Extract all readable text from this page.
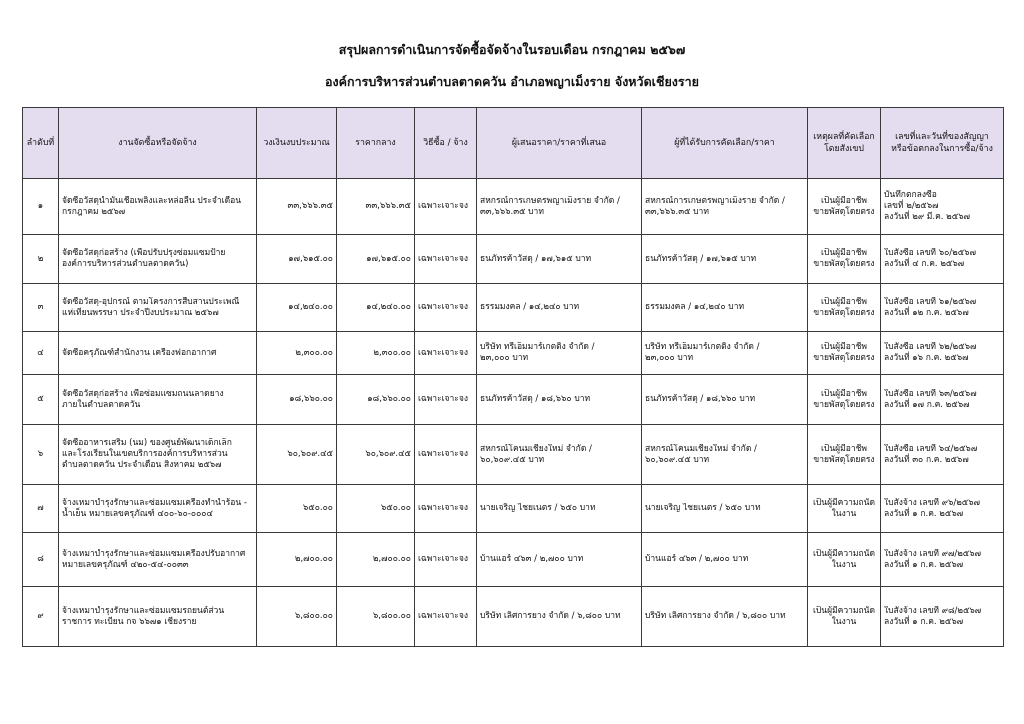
สรุปผลการดำเนินการจัดซื้อจัดจ้างในรอบเดือน กรกฎาคม ๒๕๖๗
องค์การบริหารส่วนตำบลตาดควัน อำเภอพญาเม็งราย จังหวัดเชียงราย
ลำดับที่	งานจัดซื้อหรือจัดจ้าง	วงเงินงบประมาณ	ราคากลาง	วิธีซื้อ / จ้าง	ผู้เสนอราคา/ราคาที่เสนอ	ผู้ที่ได้รับการคัดเลือก/ราคา	เหตุผลที่คัดเลือก
โดยสังเขป	เลขที่และวันที่ของสัญญา
หรือข้อตกลงในการซื้อ/จ้าง

๑	จัดซื้อวัสดุน้ำมันเชื้อเพลิงและหล่อลื่น ประจำเดือน
กรกฎาคม ๒๕๖๗	๓๓,๖๖๖.๓๕	๓๓,๖๖๖.๓๕	เฉพาะเจาะจง	สหกรณ์การเกษตรพญาเม็งราย จำกัด /
๓๓,๖๖๖.๓๕ บาท	สหกรณ์การเกษตรพญาเม็งราย จำกัด /
๓๓,๖๖๖.๓๕ บาท	เป็นผู้มีอาชีพ
ขายพัสดุโดยตรง	บันทึกตกลงซื้อ
เลขที่ ๒/๒๕๖๗
ลงวันที่ ๒๙ มี.ค. ๒๕๖๗

๒	จัดซื้อวัสดุก่อสร้าง (เพื่อปรับปรุงซ่อมแซมป้าย
องค์การบริหารส่วนตำบลตาดควัน)	๑๗,๖๑๕.๐๐	๑๗,๖๑๕.๐๐	เฉพาะเจาะจง	ธนภัทรค้าวัสดุ / ๑๗,๖๑๕ บาท	ธนภัทรค้าวัสดุ / ๑๗,๖๑๕ บาท	เป็นผู้มีอาชีพ
ขายพัสดุโดยตรง	ใบสั่งซื้อ เลขที่ ๖๐/๒๕๖๗
ลงวันที่ ๔ ก.ค. ๒๕๖๗

๓	จัดซื้อวัสดุ-อุปกรณ์ ตามโครงการสืบสานประเพณี
แห่เทียนพรรษา ประจำปีงบประมาณ ๒๕๖๗	๑๔,๒๔๐.๐๐	๑๔,๒๔๐.๐๐	เฉพาะเจาะจง	ธรรมมงคล / ๑๔,๒๔๐ บาท	ธรรมมงคล / ๑๔,๒๔๐ บาท	เป็นผู้มีอาชีพ
ขายพัสดุโดยตรง	ใบสั่งซื้อ เลขที่ ๖๑/๒๕๖๗
ลงวันที่ ๑๒ ก.ค. ๒๕๖๗

๔	จัดซื้อครุภัณฑ์สำนักงาน เครื่องฟอกอากาศ	๒,๓๐๐.๐๐	๒,๓๐๐.๐๐	เฉพาะเจาะจง	บริษัท ทรีเอ็มมาร์เกตติ้ง จำกัด /
๒๓,๐๐๐ บาท	บริษัท ทรีเอ็มมาร์เกตติ้ง จำกัด /
๒๓,๐๐๐ บาท	เป็นผู้มีอาชีพ
ขายพัสดุโดยตรง	ใบสั่งซื้อ เลขที่ ๖๒/๒๕๖๗
ลงวันที่ ๑๖ ก.ค. ๒๕๖๗

๕	จัดซื้อวัสดุก่อสร้าง เพื่อซ่อมแซมถนนลาดยาง
ภายในตำบลตาดควัน	๑๘,๖๖๐.๐๐	๑๘,๖๖๐.๐๐	เฉพาะเจาะจง	ธนภัทรค้าวัสดุ / ๑๘,๖๖๐ บาท	ธนภัทรค้าวัสดุ / ๑๘,๖๖๐ บาท	เป็นผู้มีอาชีพ
ขายพัสดุโดยตรง	ใบสั่งซื้อ เลขที่ ๖๓/๒๕๖๗
ลงวันที่ ๑๗ ก.ค. ๒๕๖๗

๖	จัดซื้ออาหารเสริม (นม) ของศูนย์พัฒนาเด็กเล็ก
และโรงเรียนในเขตบริการองค์การบริหารส่วน
ตำบลตาดควัน ประจำเดือน สิงหาคม ๒๕๖๗	๖๐,๖๐๙.๔๕	๖๐,๖๐๙.๔๕	เฉพาะเจาะจง	สหกรณ์โคนมเชียงใหม่ จำกัด /
๖๐,๖๐๙.๔๕ บาท	สหกรณ์โคนมเชียงใหม่ จำกัด /
๖๐,๖๐๙.๔๕ บาท	เป็นผู้มีอาชีพ
ขายพัสดุโดยตรง	ใบสั่งซื้อ เลขที่ ๖๔/๒๕๖๗
ลงวันที่ ๓๐ ก.ค. ๒๕๖๗

๗	จ้างเหมาบำรุงรักษาและซ่อมแซมเครื่องทำน้ำร้อน -
น้ำเย็น หมายเลขครุภัณฑ์ ๔๐๐-๖๐-๐๐๐๔	๖๕๐.๐๐	๖๕๐.๐๐	เฉพาะเจาะจง	นายเจริญ ไชยเนตร / ๖๕๐ บาท	นายเจริญ ไชยเนตร / ๖๕๐ บาท	เป็นผู้มีความถนัด
ในงาน	ใบสั่งจ้าง เลขที่ ๙๖/๒๕๖๗
ลงวันที่ ๑ ก.ค. ๒๕๖๗

๘	จ้างเหมาบำรุงรักษาและซ่อมแซมเครื่องปรับอากาศ
หมายเลขครุภัณฑ์ ๔๒๐-๕๔-๐๐๓๓	๒,๗๐๐.๐๐	๒,๗๐๐.๐๐	เฉพาะเจาะจง	บ้านแอร์ ๔๖๓ / ๒,๗๐๐ บาท	บ้านแอร์ ๔๖๓ / ๒,๗๐๐ บาท	เป็นผู้มีความถนัด
ในงาน	ใบสั่งจ้าง เลขที่ ๙๗/๒๕๖๗
ลงวันที่ ๑ ก.ค. ๒๕๖๗

๙	จ้างเหมาบำรุงรักษาและซ่อมแซมรถยนต์ส่วน
ราชการ ทะเบียน กจ ๖๖๗๑ เชียงราย	๖,๘๐๐.๐๐	๖,๘๐๐.๐๐	เฉพาะเจาะจง	บริษัท เลิศการยาง จำกัด / ๖,๘๐๐ บาท	บริษัท เลิศการยาง จำกัด / ๖,๘๐๐ บาท	เป็นผู้มีความถนัด
ในงาน	ใบสั่งจ้าง เลขที่ ๙๘/๒๕๖๗
ลงวันที่ ๑ ก.ค. ๒๕๖๗
